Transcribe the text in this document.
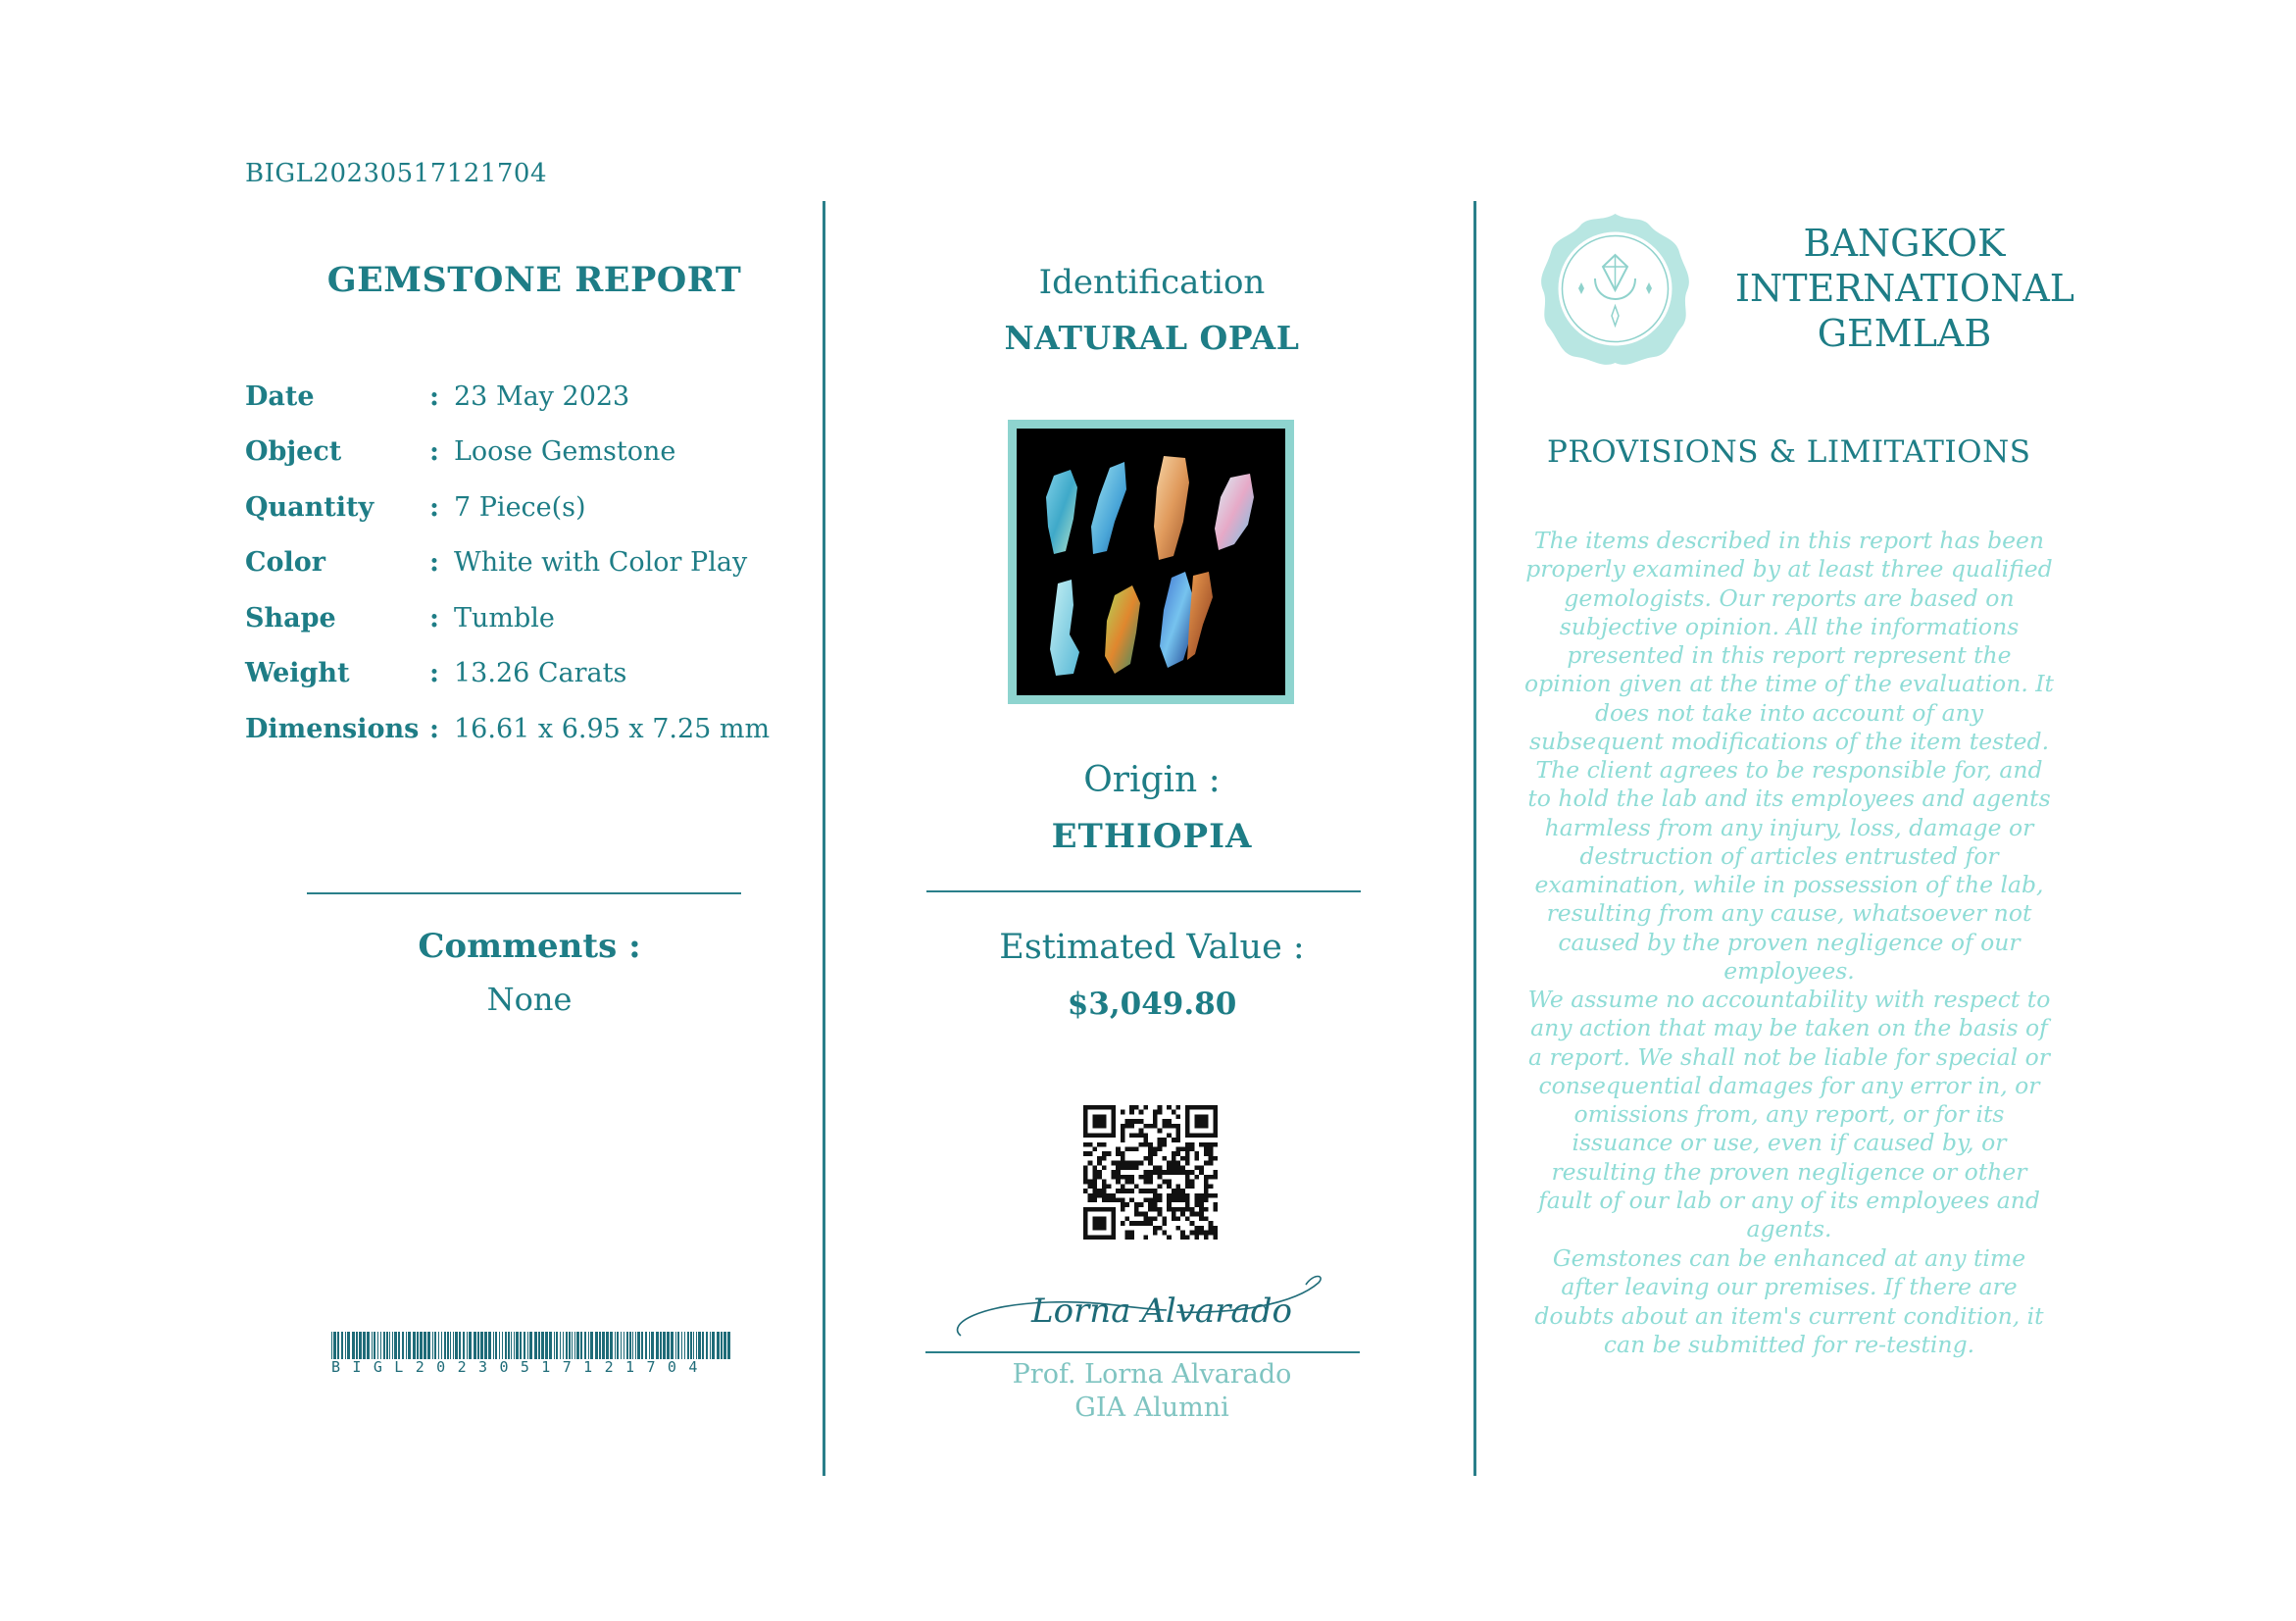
BIGL20230517121704
GEMSTONE REPORT
Date	: 23 May 2023
Object	: Loose Gemstone
Quantity	: 7 Piece(s)
Color	: White with Color Play
Shape	: Tumble
Weight	: 13.26 Carats
Dimensions : 16.61 x 6.95 x 7.25 mm
Comments :
None
BIGL20230517121704
Identification
NATURAL OPAL
Origin :
ETHIOPIA
Estimated Value :
$3,049.80
Lorna Alvarado
Prof. Lorna Alvarado
GIA Alumni
BANGKOK
INTERNATIONAL
GEMLAB
PROVISIONS & LIMITATIONS
The items described in this report has been properly examined by at least three qualified gemologists. Our reports are based on subjective opinion. All the informations presented in this report represent the opinion given at the time of the evaluation. It does not take into account of any subsequent modifications of the item tested.
The client agrees to be responsible for, and to hold the lab and its employees and agents harmless from any injury, loss, damage or destruction of articles entrusted for examination, while in possession of the lab, resulting from any cause, whatsoever not caused by the proven negligence of our employees.
We assume no accountability with respect to any action that may be taken on the basis of a report. We shall not be liable for special or consequential damages for any error in, or omissions from, any report, or for its issuance or use, even if caused by, or resulting the proven negligence or other fault of our lab or any of its employees and agents.
Gemstones can be enhanced at any time after leaving our premises. If there are doubts about an item's current condition, it can be submitted for re-testing.
